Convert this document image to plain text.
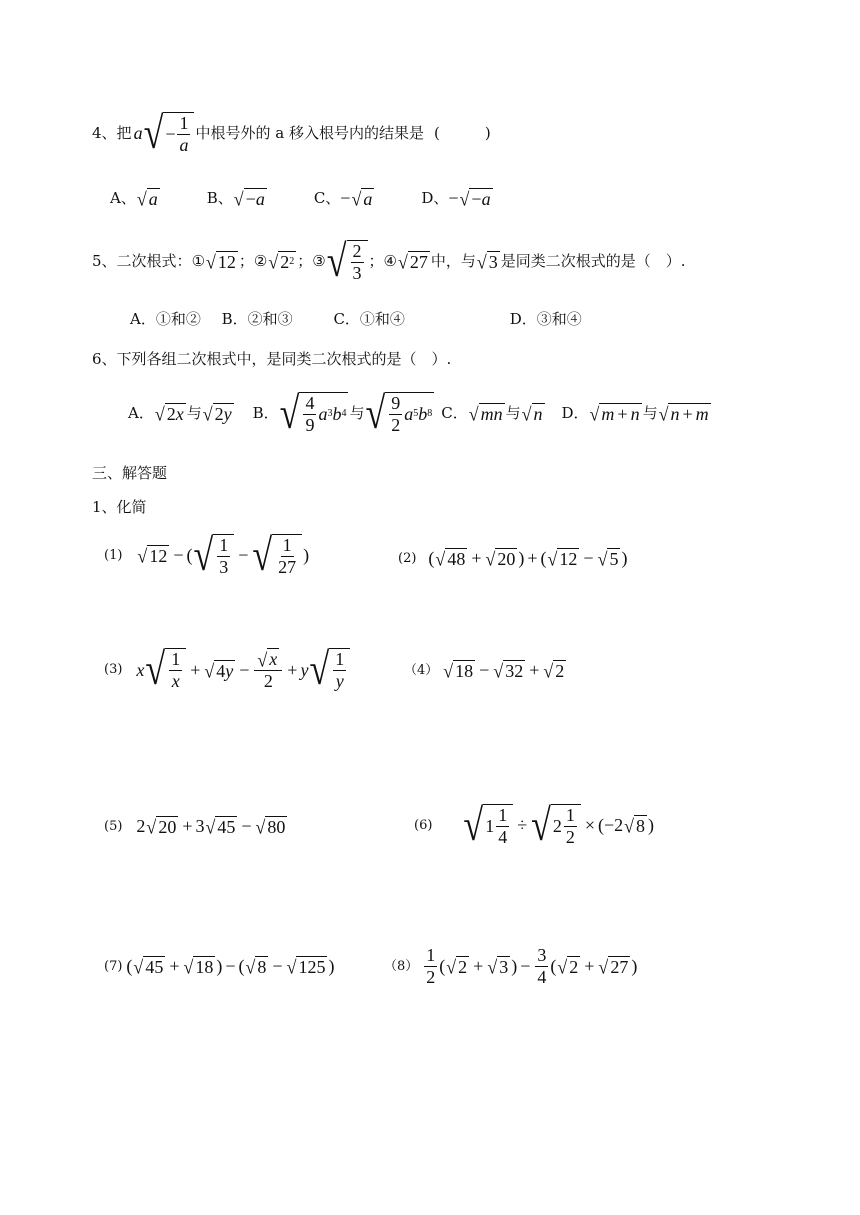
4、 把 a √ − $\frac{1}{a}$ 中根号外的 a 移入根号内的结果是 (　　　)
A、 √ a	B、 √ − a	C、 − √ a	D、 − √ − a
5、 二次根式： ① √ 12 ； ② √ 2 2 ； ③ √ 2
3
； ④ √ 27 中，与 √ 3 是同类二次根式的是（　）.
A．①和② B．②和③	C．①和④	D．③和④
6、下列各组二次根式中，是同类二次根式的是（　）.
A． √ 2 x 与 √ 2 y B． √ 4
9
a 3 b 4 与 √ 9
2
a 5 b 8 C． √ mn 与 √ n D． √ m + n 与 √ n + m
三、解答题
1、化简
(1) √ 12 − ( √ 1
3
− √ 1
27
)	(2) ( √ 48 + √ 20 ) + ( √ 12 − √ 5 )
(3) x √ 1
x
+ √ 4 $y - \frac{√ x}{2} + y$ √ 1
y
（4） √ 18 − √ 32 + √ 2
(5) 2 √ 20 + 3 √ 45 − √ 80	(6) √ 1
1
4
÷ √ 2
1
2
× (−2 √ 8 )
(7) ( √ 45 + √ 18 ) − ( √ 8 − √ 125 )	（8）
1
2
( √ 2 + √ 3 ) − $\frac{3}{4}$ ( √ 2 + √ 27 )
